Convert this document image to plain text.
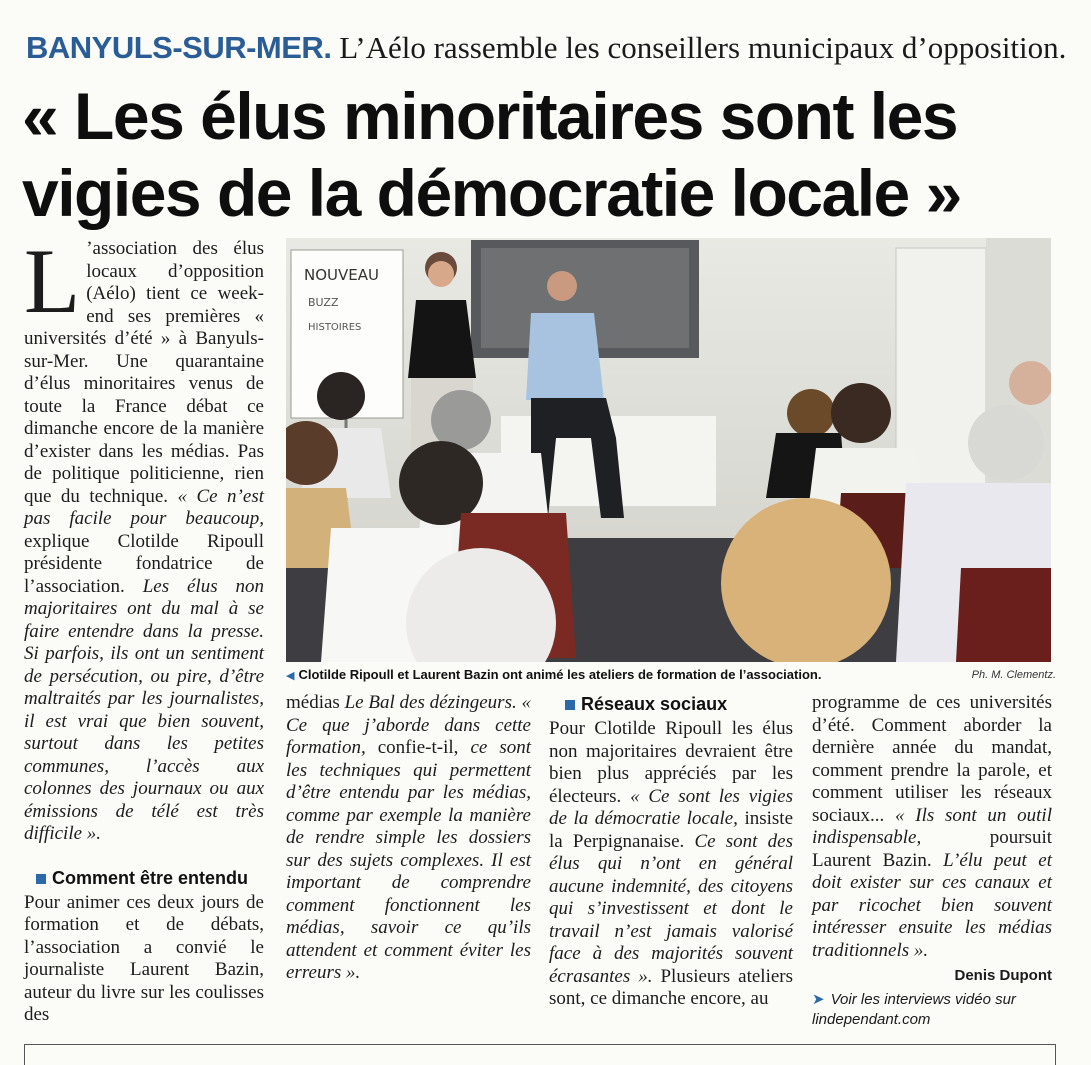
BANYULS-SUR-MER. L’Aélo rassemble les conseillers municipaux d’opposition.
« Les élus minoritaires sont les vigies de la démocratie locale »

L ’association des élus locaux d’opposition (Aélo) tient ce week-end ses premières « universités d’été » à Banyuls-sur-Mer. Une quarantaine d’élus minoritaires venus de toute la France débat ce dimanche encore de la manière d’exister dans les médias. Pas de politique politicienne, rien que du technique. « Ce n’est pas facile pour beaucoup, explique Clotilde Ripoull présidente fondatrice de l’association. Les élus non majoritaires ont du mal à se faire entendre dans la presse. Si parfois, ils ont un sentiment de persécution, ou pire, d’être maltraités par les journalistes, il est vrai que bien souvent, surtout dans les petites communes, l’accès aux colonnes des journaux ou aux émissions de télé est très difficile ».

Comment être entendu

Pour animer ces deux jours de formation et de débats, l’association a convié le journaliste Laurent Bazin, auteur du livre sur les coulisses des

NOUVEAU
BUZZ
HISTOIRES
◀ Clotilde Ripoull et Laurent Bazin ont animé les ateliers de formation de l’association.	Ph. M. Clementz.

médias Le Bal des dézingeurs. « Ce que j’aborde dans cette formation, confie-t-il, ce sont les techniques qui permettent d’être entendu par les médias, comme par exemple la manière de rendre simple les dossiers sur des sujets complexes. Il est important de comprendre comment fonctionnent les médias, savoir ce qu’ils attendent et comment éviter les erreurs ».

Réseaux sociaux

Pour Clotilde Ripoull les élus non majoritaires devraient être bien plus appréciés par les électeurs. « Ce sont les vigies de la démocratie locale, insiste la Perpignanaise. Ce sont des élus qui n’ont en général aucune indemnité, des citoyens qui s’investissent et dont le travail n’est jamais valorisé face à des majorités souvent écrasantes ». Plusieurs ateliers sont, ce dimanche encore, au

programme de ces universités d’été. Comment aborder la dernière année du mandat, comment prendre la parole, et comment utiliser les réseaux sociaux... « Ils sont un outil indispensable, poursuit Laurent Bazin. L’élu peut et doit exister sur ces canaux et par ricochet bien souvent intéresser ensuite les médias traditionnels ».

Denis Dupont
➤ Voir les interviews vidéo sur
lindependant.com
